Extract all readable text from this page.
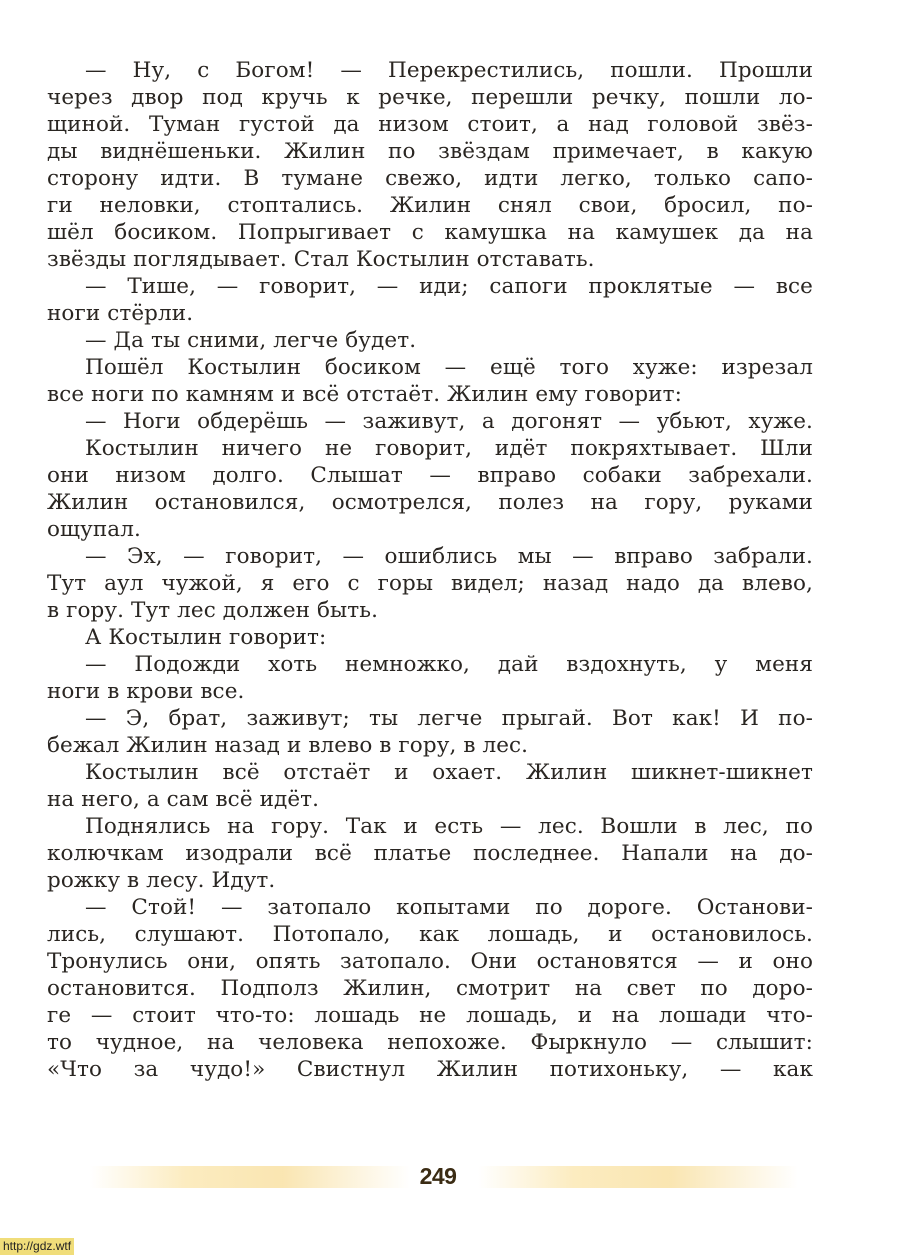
— Ну, с Богом! — Перекрестились, пошли. Прошли
через двор под кручь к речке, перешли речку, пошли ло-
щиной. Туман густой да низом стоит, а над головой звёз-
ды виднёшеньки. Жилин по звёздам примечает, в какую
сторону идти. В тумане свежо, идти легко, только сапо-
ги неловки, стоптались. Жилин снял свои, бросил, по-
шёл босиком. Попрыгивает с камушка на камушек да на
звёзды поглядывает. Стал Костылин отставать.
— Тише, — говорит, — иди; сапоги проклятые — все
ноги стёрли.
— Да ты сними, легче будет.
Пошёл Костылин босиком — ещё того хуже: изрезал
все ноги по камням и всё отстаёт. Жилин ему говорит:
— Ноги обдерёшь — заживут, а догонят — убьют, хуже.
Костылин ничего не говорит, идёт покряхтывает. Шли
они низом долго. Слышат — вправо собаки забрехали.
Жилин остановился, осмотрелся, полез на гору, руками
ощупал.
— Эх, — говорит, — ошиблись мы — вправо забрали.
Тут аул чужой, я его с горы видел; назад надо да влево,
в гору. Тут лес должен быть.
А Костылин говорит:
— Подожди хоть немножко, дай вздохнуть, у меня
ноги в крови все.
— Э, брат, заживут; ты легче прыгай. Вот как! И по-
бежал Жилин назад и влево в гору, в лес.
Костылин всё отстаёт и охает. Жилин шикнет-шикнет
на него, а сам всё идёт.
Поднялись на гору. Так и есть — лес. Вошли в лес, по
колючкам изодрали всё платье последнее. Напали на до-
рожку в лесу. Идут.
— Стой! — затопало копытами по дороге. Останови-
лись, слушают. Потопало, как лошадь, и остановилось.
Тронулись они, опять затопало. Они остановятся — и оно
остановится. Подполз Жилин, смотрит на свет по доро-
ге — стоит что-то: лошадь не лошадь, и на лошади что-
то чудное, на человека непохоже. Фыркнуло — слышит:
«Что за чудо!» Свистнул Жилин потихоньку, — как
249
http://gdz.wtf
